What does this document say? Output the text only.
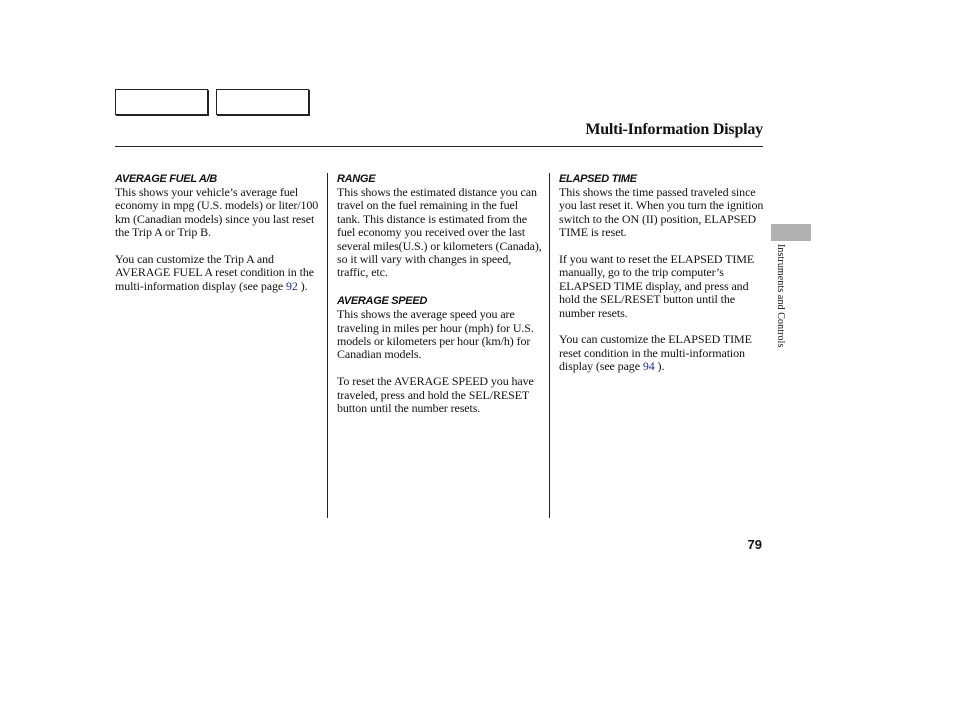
Multi-Information Display
Instruments and Controls
AVERAGE FUEL A/B

This shows your vehicle’s average fuel economy in mpg (U.S. models) or liter/100 km (Canadian models) since you last reset the Trip A or Trip B.

You can customize the Trip A and AVERAGE FUEL A reset condition in the multi-information display (see page 92 ).

RANGE

This shows the estimated distance you can travel on the fuel remaining in the fuel tank. This distance is estimated from the fuel economy you received over the last several miles(U.S.) or kilometers (Canada), so it will vary with changes in speed, traffic, etc.

AVERAGE SPEED

This shows the average speed you are traveling in miles per hour (mph) for U.S. models or kilometers per hour (km/h) for Canadian models.

To reset the AVERAGE SPEED you have traveled, press and hold the SEL/RESET button until the number resets.

ELAPSED TIME

This shows the time passed traveled since you last reset it. When you turn the ignition switch to the ON (II) position, ELAPSED TIME is reset.

If you want to reset the ELAPSED TIME manually, go to the trip computer’s ELAPSED TIME display, and press and hold the SEL/RESET button until the number resets.

You can customize the ELAPSED TIME reset condition in the multi-information display (see page 94 ).

79
